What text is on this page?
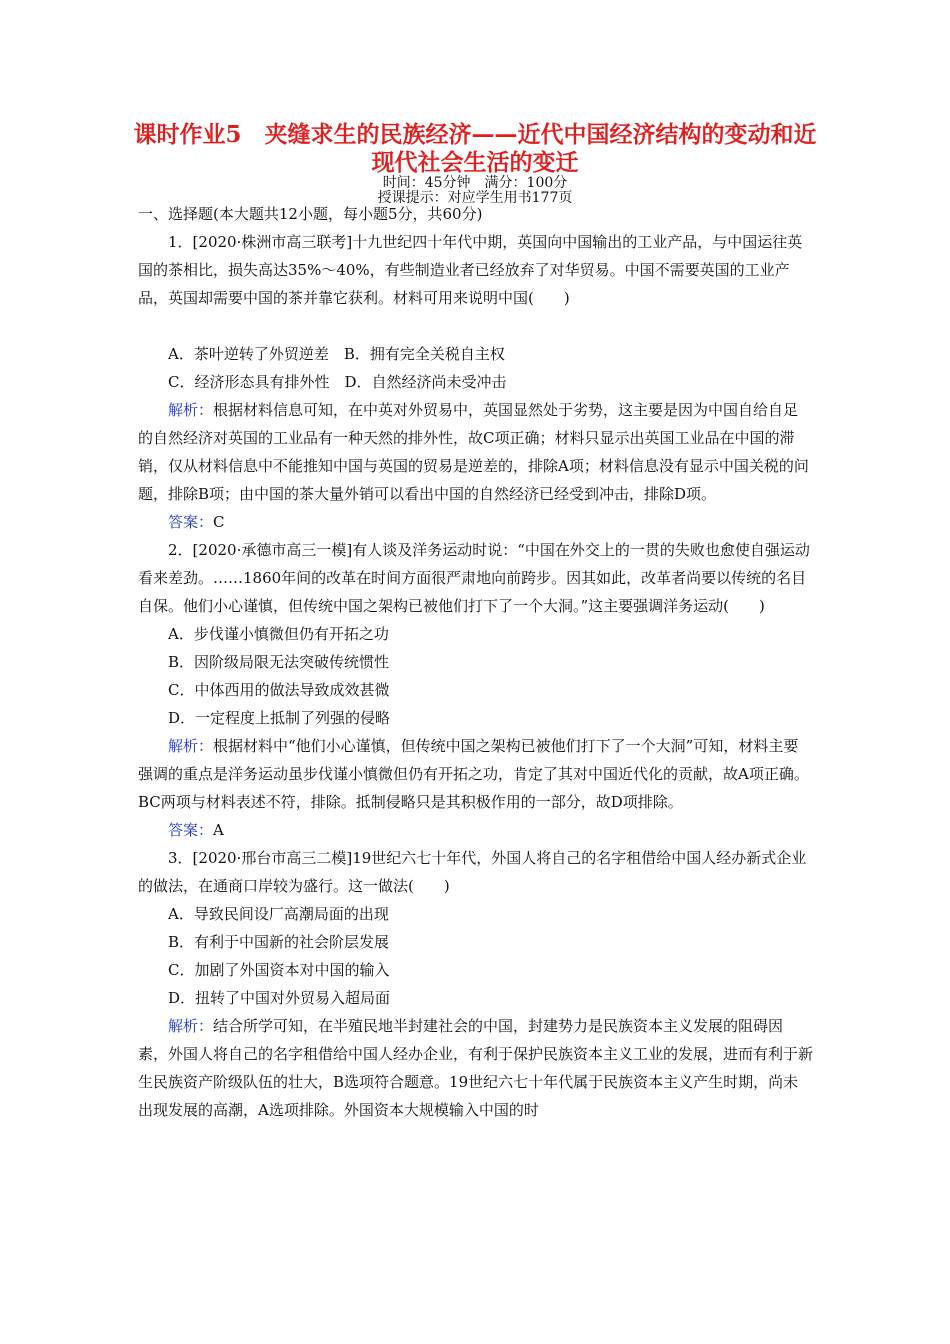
课时作业5　夹缝求生的民族经济——近代中国经济结构的变动和近现代社会生活的变迁
时间：45分钟　满分：100分
授课提示：对应学生用书177页

一、选择题(本大题共12小题，每小题5分，共60分)

1．[2020·株洲市高三联考]十九世纪四十年代中期，英国向中国输出的工业产品，与中国运往英国的茶相比，损失高达35%～40%，有些制造业者已经放弃了对华贸易。中国不需要英国的工业产品，英国却需要中国的茶并靠它获利。材料可用来说明中国(　　)

A．茶叶逆转了外贸逆差　B．拥有完全关税自主权

C．经济形态具有排外性　D．自然经济尚未受冲击

解析：根据材料信息可知，在中英对外贸易中，英国显然处于劣势，这主要是因为中国自给自足的自然经济对英国的工业品有一种天然的排外性，故C项正确；材料只显示出英国工业品在中国的滞销，仅从材料信息中不能推知中国与英国的贸易是逆差的，排除A项；材料信息没有显示中国关税的问题，排除B项；由中国的茶大量外销可以看出中国的自然经济已经受到冲击，排除D项。

答案：C

2．[2020·承德市高三一模]有人谈及洋务运动时说：“中国在外交上的一贯的失败也愈使自强运动看来差劲。……1860年间的改革在时间方面很严肃地向前跨步。因其如此，改革者尚要以传统的名目自保。他们小心谨慎，但传统中国之架构已被他们打下了一个大洞。”这主要强调洋务运动(　　)

A．步伐谨小慎微但仍有开拓之功

B．因阶级局限无法突破传统惯性

C．中体西用的做法导致成效甚微

D．一定程度上抵制了列强的侵略

解析：根据材料中“他们小心谨慎，但传统中国之架构已被他们打下了一个大洞”可知，材料主要强调的重点是洋务运动虽步伐谨小慎微但仍有开拓之功，肯定了其对中国近代化的贡献，故A项正确。BC两项与材料表述不符，排除。抵制侵略只是其积极作用的一部分，故D项排除。

答案：A

3．[2020·邢台市高三二模]19世纪六七十年代，外国人将自己的名字租借给中国人经办新式企业的做法，在通商口岸较为盛行。这一做法(　　)

A．导致民间设厂高潮局面的出现

B．有利于中国新的社会阶层发展

C．加剧了外国资本对中国的输入

D．扭转了中国对外贸易入超局面

解析：结合所学可知，在半殖民地半封建社会的中国，封建势力是民族资本主义发展的阻碍因素，外国人将自己的名字租借给中国人经办企业，有利于保护民族资本主义工业的发展，进而有利于新生民族资产阶级队伍的壮大，B选项符合题意。19世纪六七十年代属于民族资本主义产生时期，尚未出现发展的高潮，A选项排除。外国资本大规模输入中国的时
